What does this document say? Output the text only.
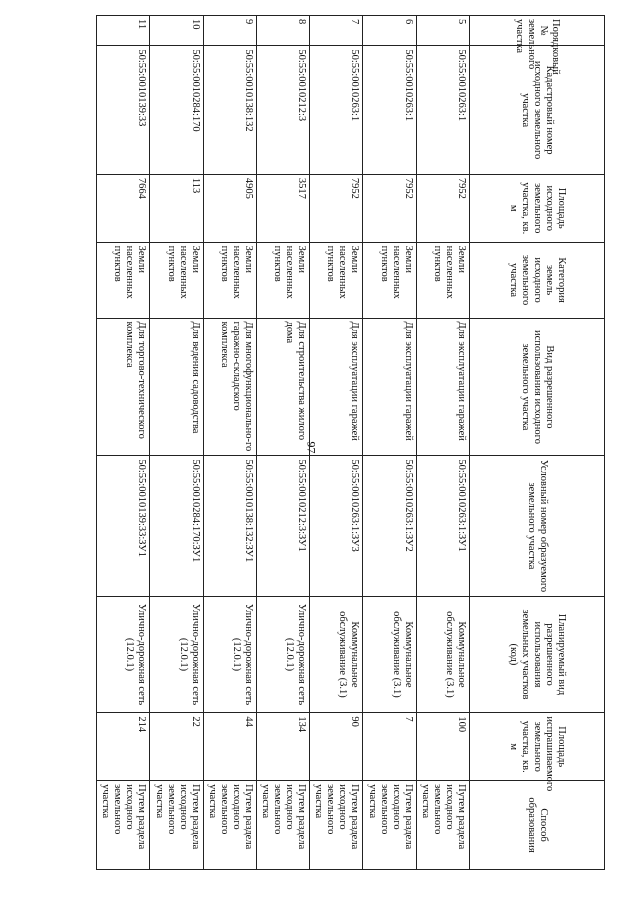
97
Порядковый № земельного участка	Кадастровый номер исходного земельного участка	Площадь исходного земельного участка, кв. м	Категория земель исходного земельного участка	Вид разрешенного использования исходного земельного участка	Условный номер образуемого земельного участка	Планируемый вид разрешенного использования земельных участков (код)	Площадь испрашиваемого земельного участка, кв. м	Способ образования
5	50:55:0010263:1	7952	Земли населенных пунктов	Для эксплуатации гаражей	50:55:0010263:1:ЗУ1	Коммунальное обслуживание (3.1)	100	Путем раздела исходного земельного участка
6	50:55:0010263:1	7952	Земли населенных пунктов	Для эксплуатации гаражей	50:55:0010263:1:ЗУ2	Коммунальное обслуживание (3.1)	7	Путем раздела исходного земельного участка
7	50:55:0010263:1	7952	Земли населенных пунктов	Для эксплуатации гаражей	50:55:0010263:1:ЗУ3	Коммунальное обслуживание (3.1)	90	Путем раздела исходного земельного участка
8	50:55:0010212:3	3517	Земли населенных пунктов	Для строительства жилого дома	50:55:0010212:3:ЗУ1	Улично-дорожная сеть (12.0.1)	134	Путем раздела исходного земельного участка
9	50:55:0010138:132	4905	Земли населенных пунктов	Для многофункционально-го гаражно-складского комплекса	50:55:0010138:132:ЗУ1	Улично-дорожная сеть (12.0.1)	44	Путем раздела исходного земельного участка
10	50:55:0010284:170	113	Земли населенных пунктов	Для ведения садоводства	50:55:0010284:170:ЗУ1	Улично-дорожная сеть (12.0.1)	22	Путем раздела исходного земельного участка
11	50:55:0010139:33	7664	Земли населенных пунктов	Для торгово-технического комплекса	50:55:0010139:33:ЗУ1	Улично-дорожная сеть (12.0.1)	214	Путем раздела исходного земельного участка
